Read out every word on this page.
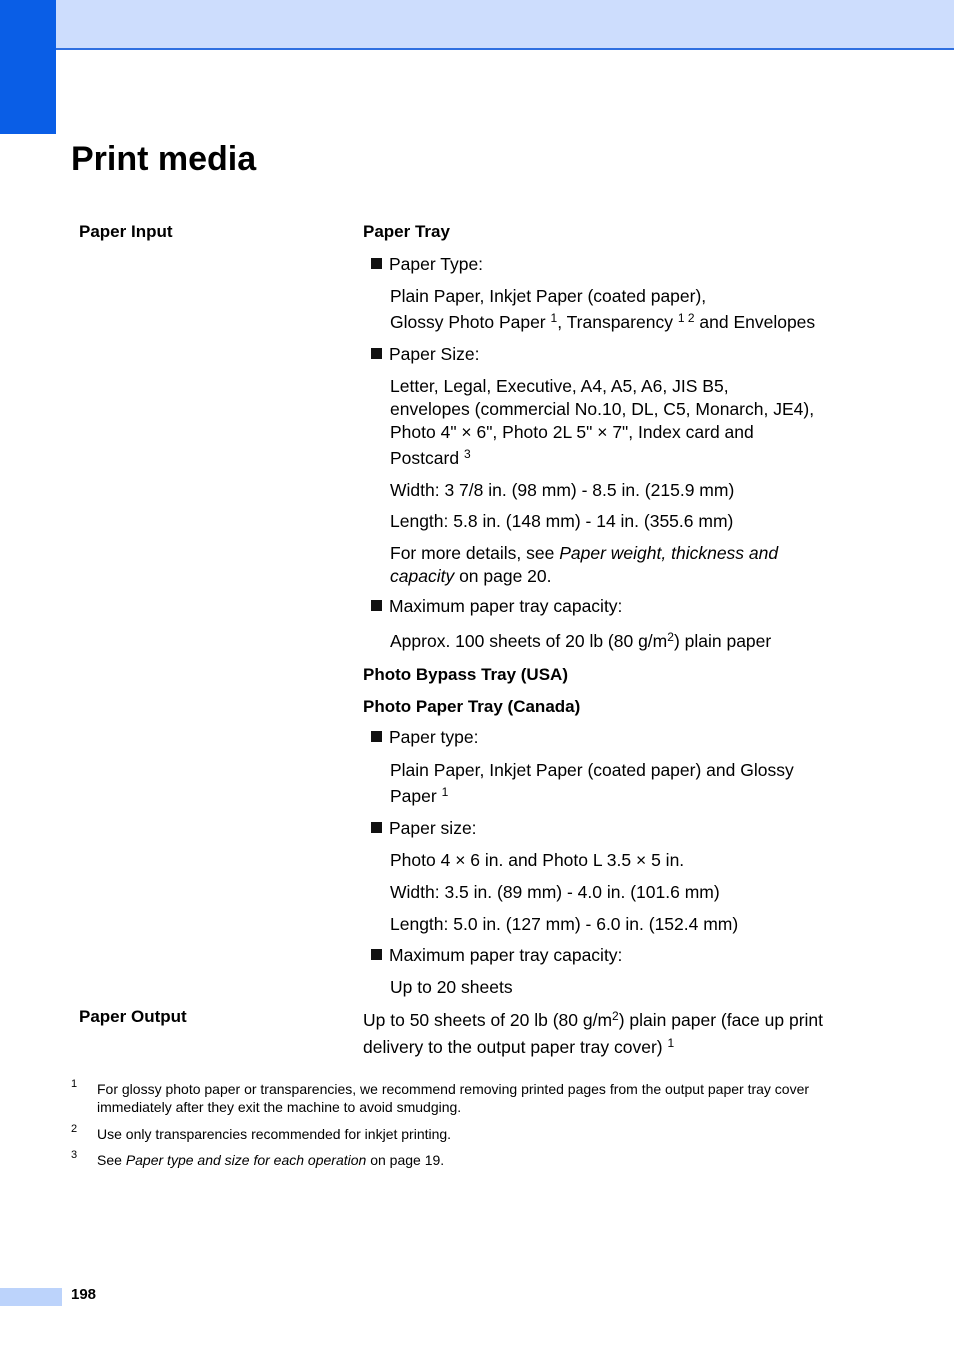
Print media
Paper Input
Paper Output
Paper Tray
Paper Type:
Plain Paper, Inkjet Paper (coated paper),
Glossy Photo Paper $^1$, Transparency $^{1 2}$ and Envelopes
Paper Size:
Letter, Legal, Executive, A4, A5, A6, JIS B5,
envelopes (commercial No.10, DL, C5, Monarch, JE4),
Photo 4" × 6", Photo 2L 5" × 7", Index card and
Postcard $^3$
Width: 3 7/8 in. (98 mm) - 8.5 in. (215.9 mm)
Length: 5.8 in. (148 mm) - 14 in. (355.6 mm)
For more details, see Paper weight, thickness and
capacity on page 20.
Maximum paper tray capacity:
Approx. 100 sheets of 20 lb (80 $g/m^2$) plain paper
Photo Bypass Tray (USA)
Photo Paper Tray (Canada)
Paper type:
Plain Paper, Inkjet Paper (coated paper) and Glossy
Paper $^1$
Paper size:
Photo 4 × 6 in. and Photo L 3.5 × 5 in.
Width: 3.5 in. (89 mm) - 4.0 in. (101.6 mm)
Length: 5.0 in. (127 mm) - 6.0 in. (152.4 mm)
Maximum paper tray capacity:
Up to 20 sheets
Up to 50 sheets of 20 lb (80 $g/m^2$) plain paper (face up print
delivery to the output paper tray cover) $^1$
1 For glossy photo paper or transparencies, we recommend removing printed pages from the output paper tray cover
immediately after they exit the machine to avoid smudging.
2 Use only transparencies recommended for inkjet printing.
3 See Paper type and size for each operation on page 19.
198
